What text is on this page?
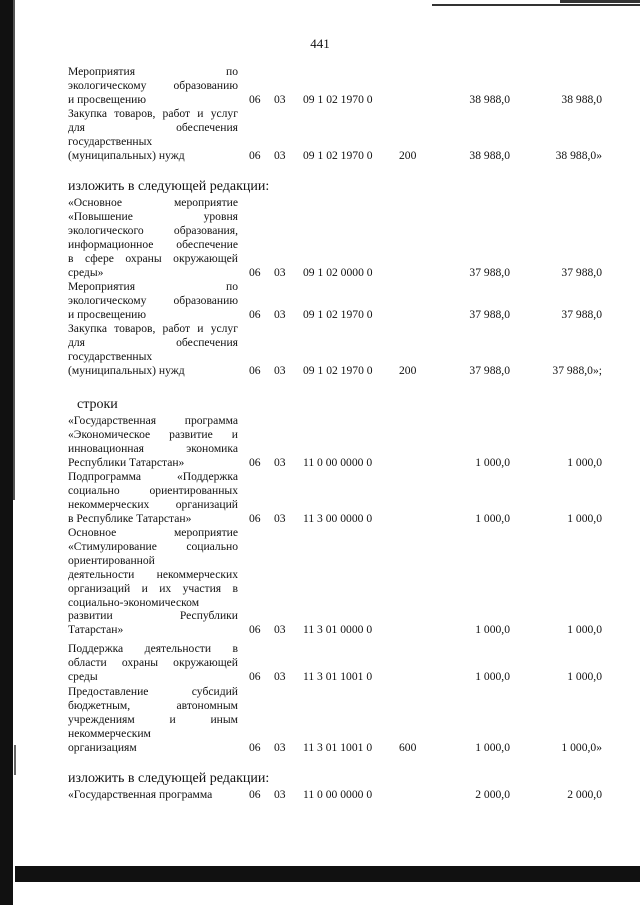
441
Мероприятия по
экологическому образованию
и просвещению	06 03 09 1 02 1970 0	38 988,0	38 988,0
Закупка товаров, работ и услуг
для обеспечения
государственных
(муниципальных) нужд	06 03 09 1 02 1970 0 200	38 988,0	38 988,0»
изложить в следующей редакции:
«Основное мероприятие
«Повышение уровня
экологического образования,
информационное обеспечение
в сфере охраны окружающей
среды»	06 03 09 1 02 0000 0	37 988,0	37 988,0
Мероприятия по
экологическому образованию
и просвещению	06 03 09 1 02 1970 0	37 988,0	37 988,0
Закупка товаров, работ и услуг
для обеспечения
государственных
(муниципальных) нужд	06 03 09 1 02 1970 0 200	37 988,0	37 988,0»;
строки
«Государственная программа
«Экономическое развитие и
инновационная экономика
Республики Татарстан»	06 03 11 0 00 0000 0	1 000,0	1 000,0
Подпрограмма «Поддержка
социально ориентированных
некоммерческих организаций
в Республике Татарстан»	06 03 11 3 00 0000 0	1 000,0	1 000,0
Основное мероприятие
«Стимулирование социально
ориентированной
деятельности некоммерческих
организаций и их участия в
социально-экономическом
развитии Республики
Татарстан»	06 03 11 3 01 0000 0	1 000,0	1 000,0
Поддержка деятельности в
области охраны окружающей
среды	06 03 11 3 01 1001 0	1 000,0	1 000,0
Предоставление субсидий
бюджетным, автономным
учреждениям и иным
некоммерческим
организациям	06 03 11 3 01 1001 0 600	1 000,0	1 000,0»
изложить в следующей редакции:
«Государственная программа	06 03 11 0 00 0000 0	2 000,0	2 000,0
